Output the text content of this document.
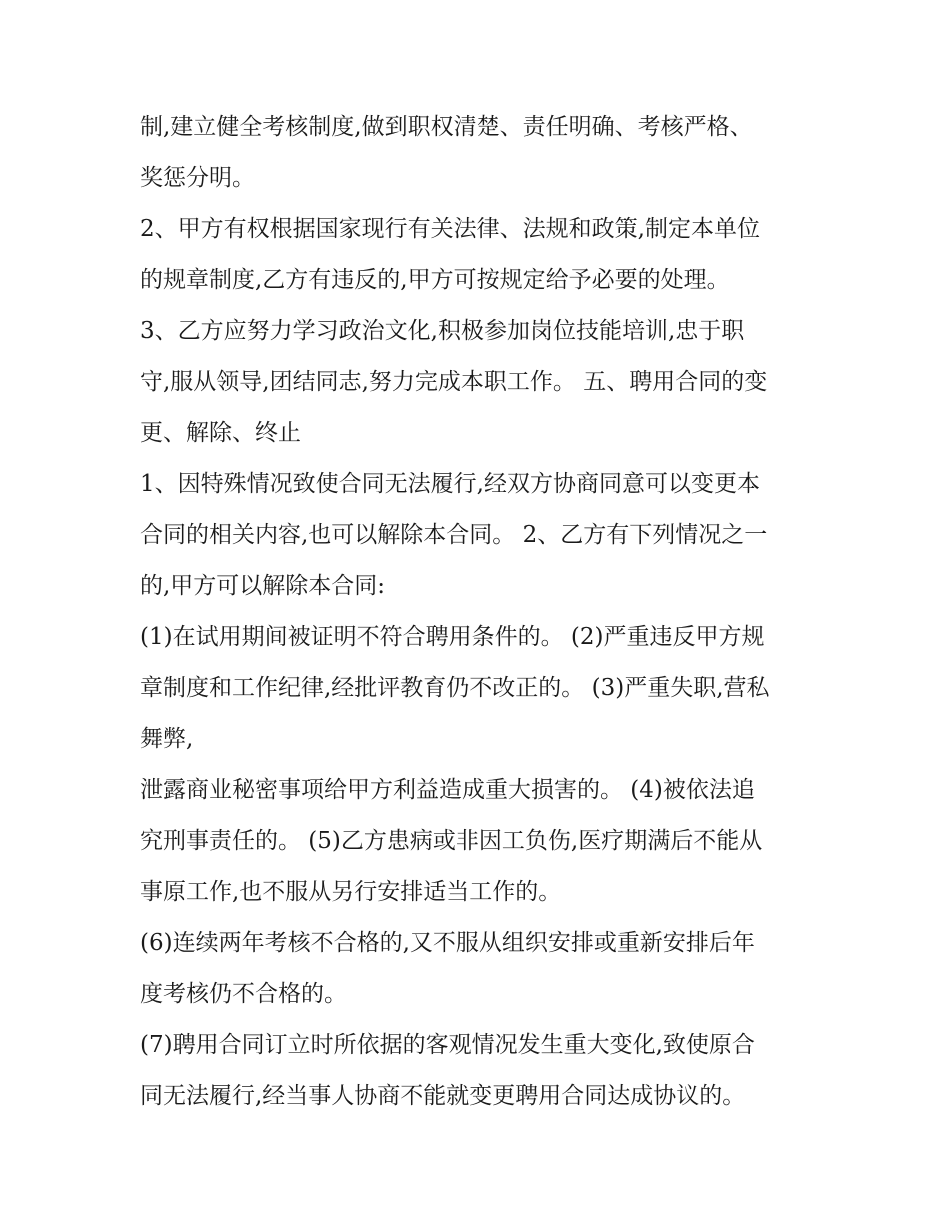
制,建立健全考核制度,做到职权清楚、责任明确、考核严格、
奖惩分明。
2、甲方有权根据国家现行有关法律、法规和政策,制定本单位
的规章制度,乙方有违反的,甲方可按规定给予必要的处理。
3、乙方应努力学习政治文化,积极参加岗位技能培训,忠于职
守,服从领导,团结同志,努力完成本职工作。 五、聘用合同的变
更、解除、终止
1、因特殊情况致使合同无法履行,经双方协商同意可以变更本
合同的相关内容,也可以解除本合同。 2、乙方有下列情况之一
的,甲方可以解除本合同:
(1)在试用期间被证明不符合聘用条件的。 (2)严重违反甲方规
章制度和工作纪律,经批评教育仍不改正的。 (3)严重失职,营私
舞弊,
泄露商业秘密事项给甲方利益造成重大损害的。 (4)被依法追
究刑事责任的。 (5)乙方患病或非因工负伤,医疗期满后不能从
事原工作,也不服从另行安排适当工作的。
(6)连续两年考核不合格的,又不服从组织安排或重新安排后年
度考核仍不合格的。
(7)聘用合同订立时所依据的客观情况发生重大变化,致使原合
同无法履行,经当事人协商不能就变更聘用合同达成协议的。
